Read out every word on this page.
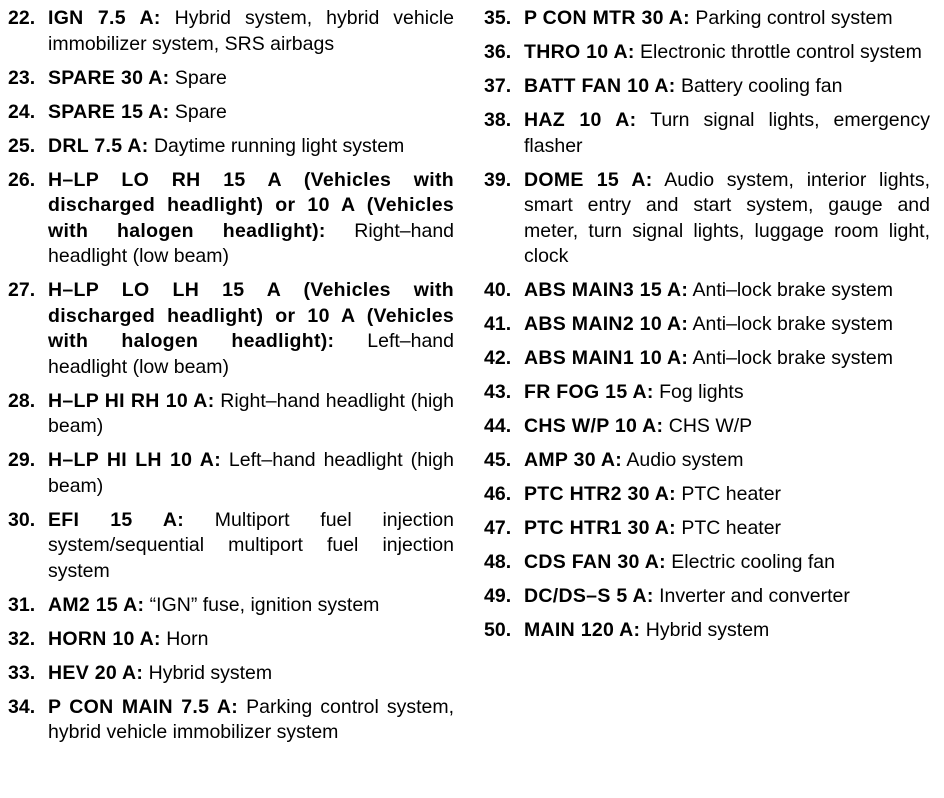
22. IGN 7.5 A: Hybrid system, hybrid vehicle immobilizer system, SRS airbags
23. SPARE 30 A: Spare
24. SPARE 15 A: Spare
25. DRL 7.5 A: Daytime running light system
26. H–LP LO RH 15 A (Vehicles with discharged headlight) or 10 A (Vehicles with halogen headlight): Right–hand headlight (low beam)
27. H–LP LO LH 15 A (Vehicles with discharged headlight) or 10 A (Vehicles with halogen headlight): Left–hand headlight (low beam)
28. H–LP HI RH 10 A: Right–hand headlight (high beam)
29. H–LP HI LH 10 A: Left–hand headlight (high beam)
30. EFI 15 A: Multiport fuel injection system/sequential multiport fuel injection system
31. AM2 15 A: “IGN” fuse, ignition system
32. HORN 10 A: Horn
33. HEV 20 A: Hybrid system
34. P CON MAIN 7.5 A: Parking control system, hybrid vehicle immobilizer system
35. P CON MTR 30 A: Parking control system
36. THRO 10 A: Electronic throttle control system
37. BATT FAN 10 A: Battery cooling fan
38. HAZ 10 A: Turn signal lights, emergency flasher
39. DOME 15 A: Audio system, interior lights, smart entry and start system, gauge and meter, turn signal lights, luggage room light, clock
40. ABS MAIN3 15 A: Anti–lock brake system
41. ABS MAIN2 10 A: Anti–lock brake system
42. ABS MAIN1 10 A: Anti–lock brake system
43. FR FOG 15 A: Fog lights
44. CHS W/P 10 A: CHS W/P
45. AMP 30 A: Audio system
46. PTC HTR2 30 A: PTC heater
47. PTC HTR1 30 A: PTC heater
48. CDS FAN 30 A: Electric cooling fan
49. DC/DS–S 5 A: Inverter and converter
50. MAIN 120 A: Hybrid system
